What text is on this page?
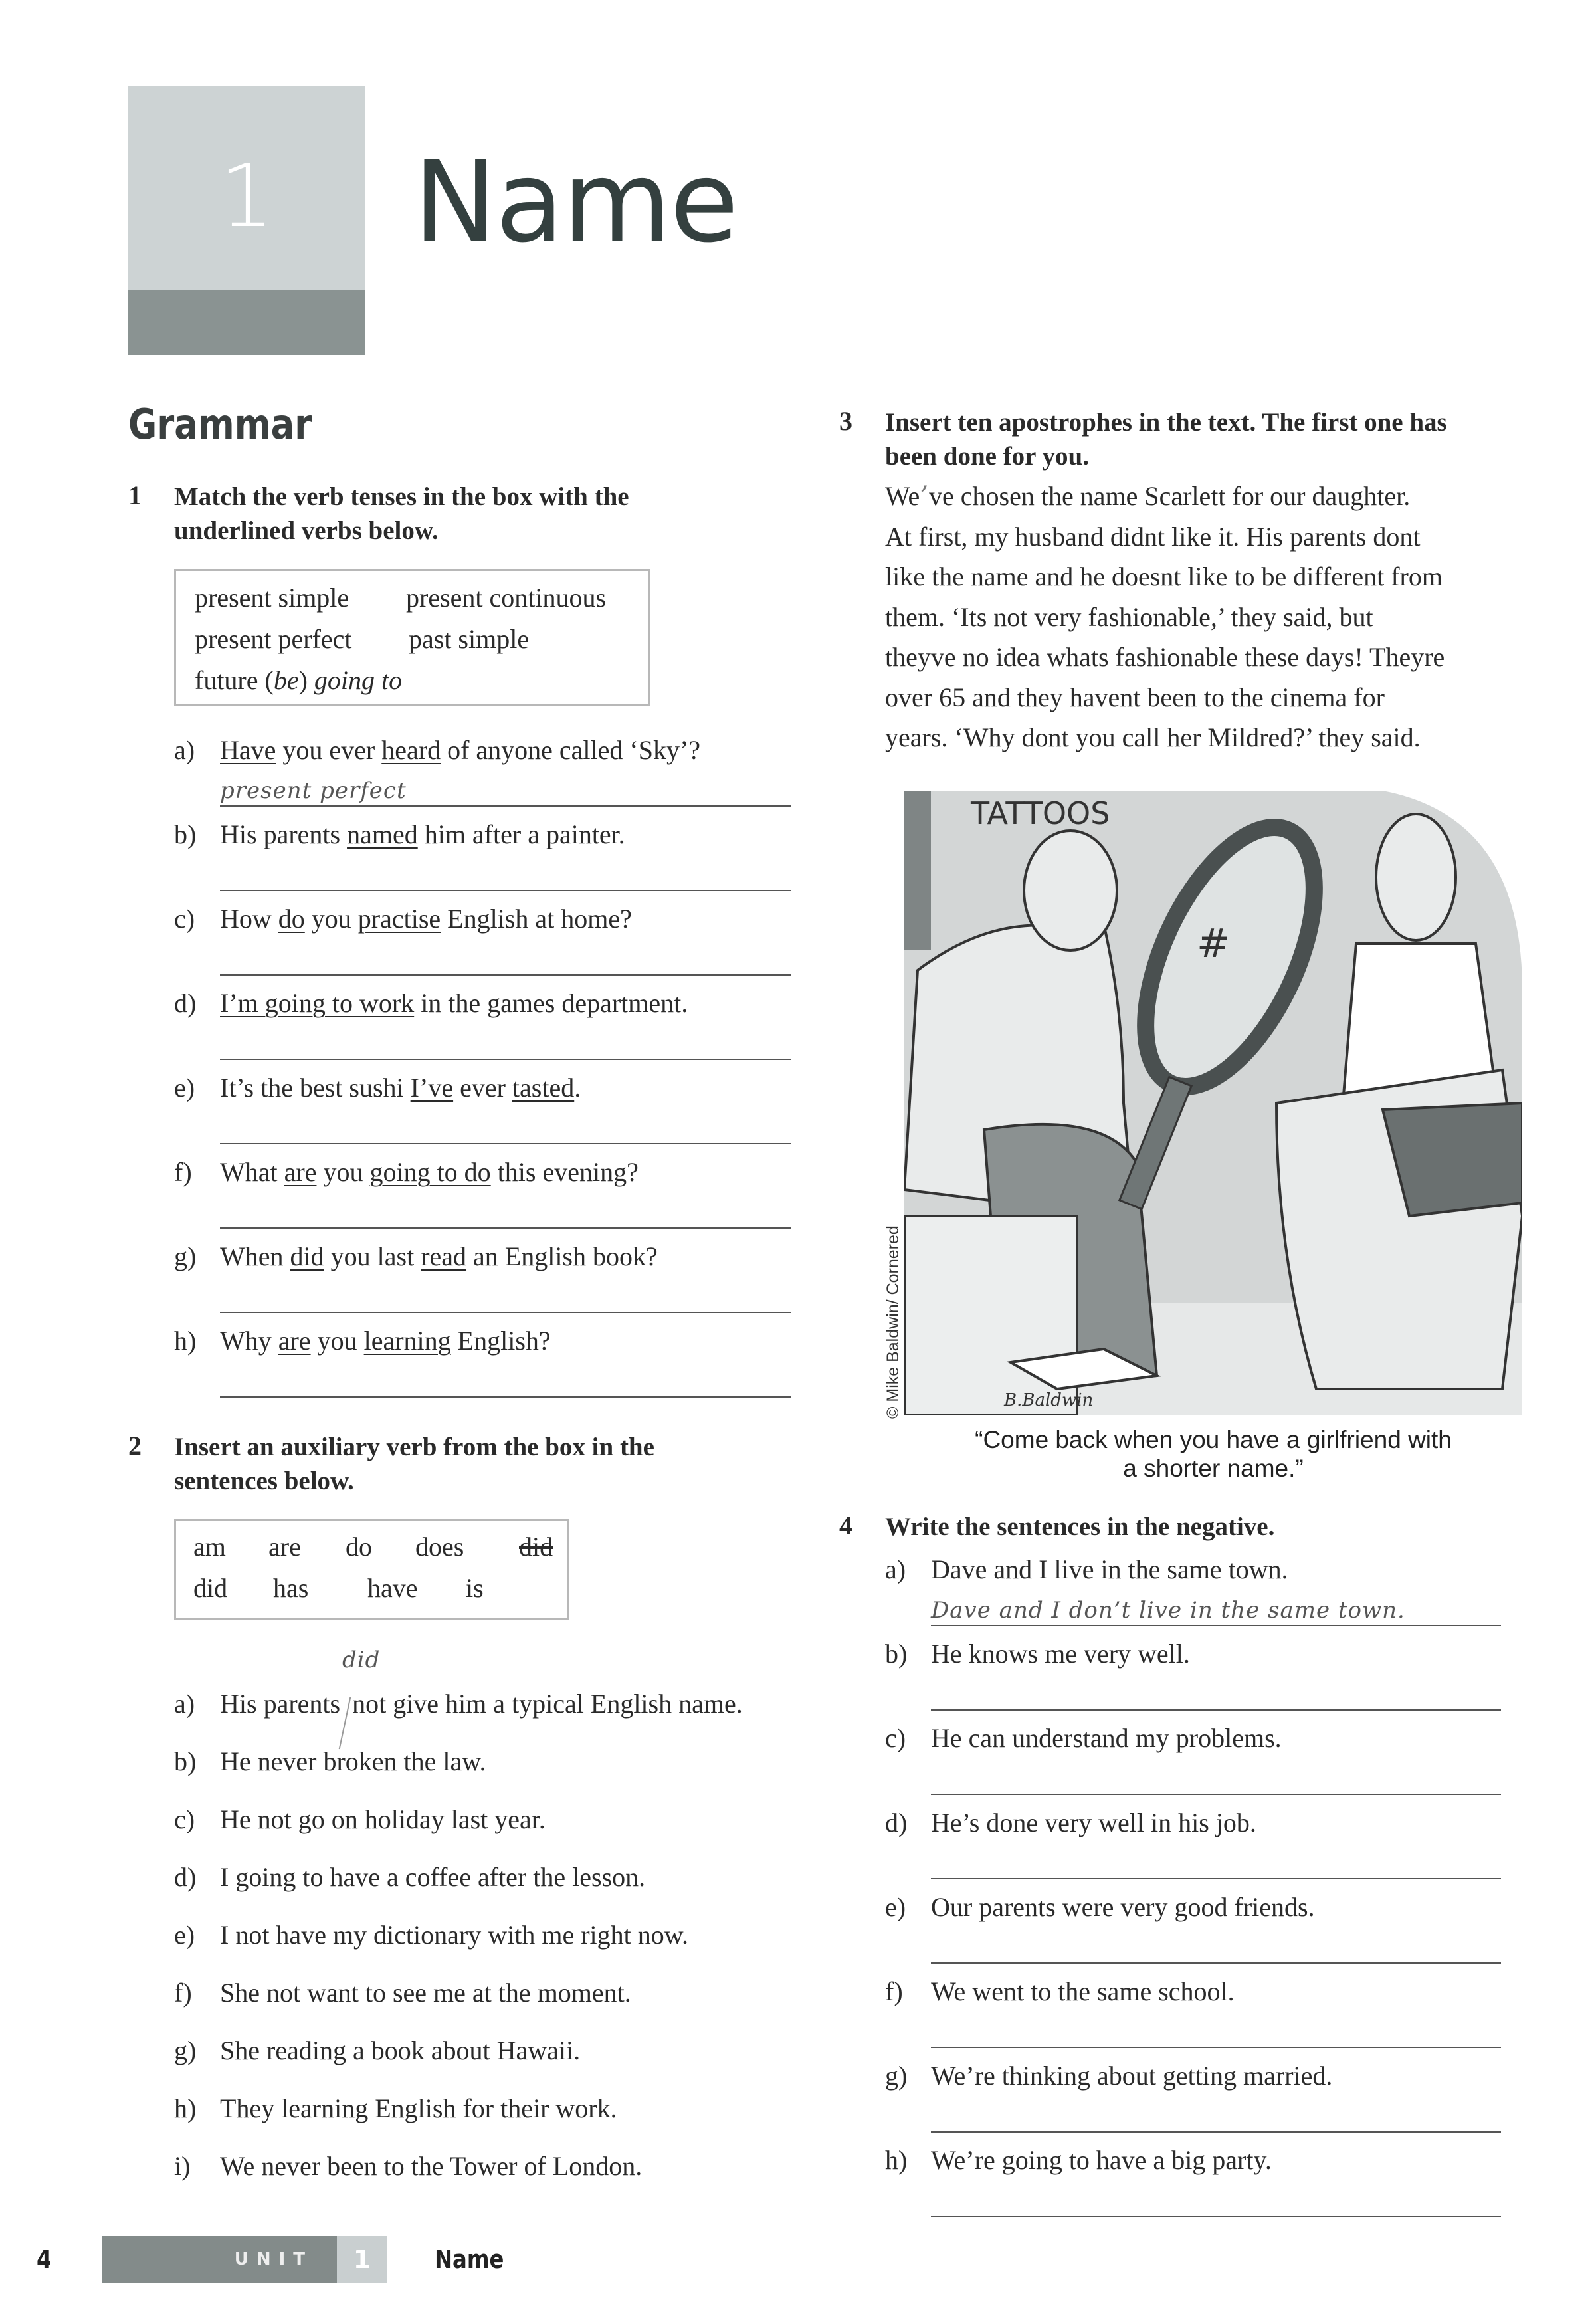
1	Name
Grammar
1 Match the verb tenses in the box with the
underlined verbs below.
present simple present continuous
present perfect past simple
future (be) going to
a) Have you ever heard of anyone called ‘Sky’?
present perfect
b) His parents named him after a painter.
c) How do you practise English at home?
d) I’m going to work in the games department.
e) It’s the best sushi I’ve ever tasted.
f) What are you going to do this evening?
g) When did you last read an English book?
h) Why are you learning English?
2 Insert an auxiliary verb from the box in the
sentences below.
am are do does did
did has have is
a) His parents not give him a typical English name.
did
b) He never broken the law.
c) He not go on holiday last year.
d) I going to have a coffee after the lesson.
e) I not have my dictionary with me right now.
f) She not want to see me at the moment.
g) She reading a book about Hawaii.
h) They learning English for their work.
i) We never been to the Tower of London.
3 Insert ten apostrophes in the text. The first one has
been done for you.
We’ve chosen the name Scarlett for our daughter.
At first, my husband didnt like it. His parents dont
like the name and he doesnt like to be different from
them. ‘Its not very fashionable,’ they said, but
theyve no idea whats fashionable these days! Theyre
over 65 and they havent been to the cinema for
years. ‘Why dont you call her Mildred?’ they said.
#
TATTOOS
B.Baldwin
© Mike Baldwin/ Cornered
“Come back when you have a girlfriend with
a shorter name.”
4 Write the sentences in the negative.
a) Dave and I live in the same town.
Dave and I don’t live in the same town.
b) He knows me very well.
c) He can understand my problems.
d) He’s done very well in his job.
e) Our parents were very good friends.
f) We went to the same school.
g) We’re thinking about getting married.
h) We’re going to have a big party.
4	UNIT	1	Name
